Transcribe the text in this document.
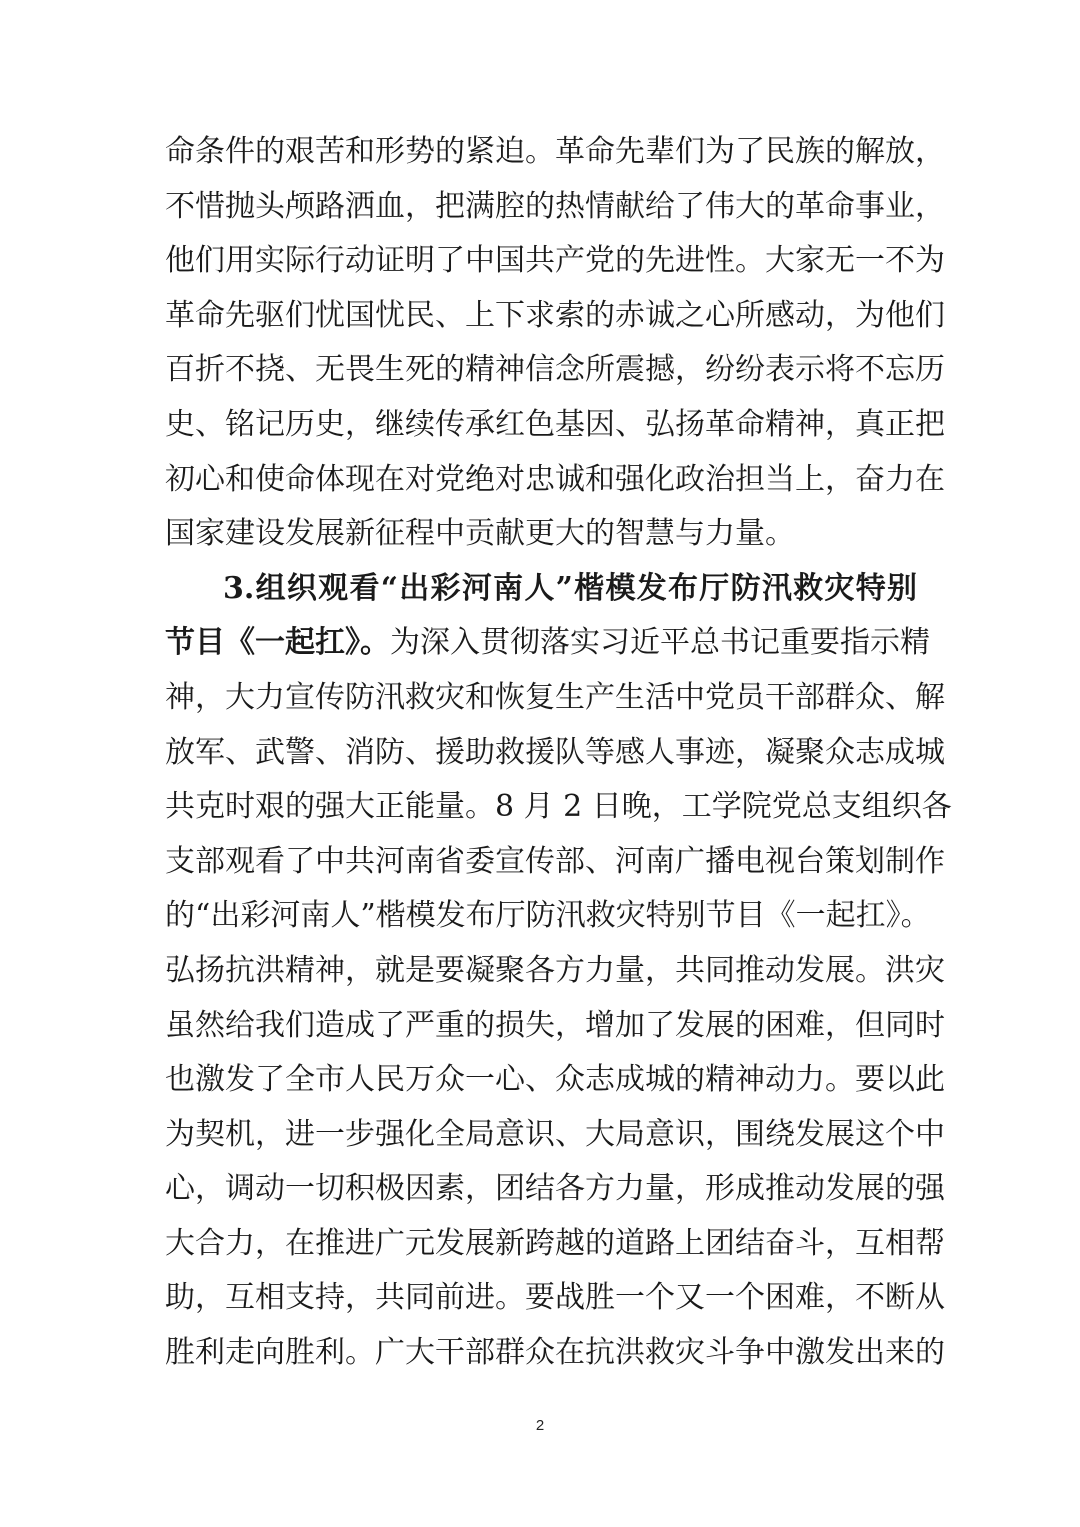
命条件的艰苦和形势的紧迫。革命先辈们为了民族的解放，
不惜抛头颅路洒血，把满腔的热情献给了伟大的革命事业，
他们用实际行动证明了中国共产党的先进性。大家无一不为
革命先驱们忧国忧民、上下求索的赤诚之心所感动，为他们
百折不挠、无畏生死的精神信念所震撼，纷纷表示将不忘历
史、铭记历史，继续传承红色基因、弘扬革命精神，真正把
初心和使命体现在对党绝对忠诚和强化政治担当上，奋力在
国家建设发展新征程中贡献更大的智慧与力量。
3.组织观看“出彩河南人”楷模发布厅防汛救灾特别
节目《一起扛》。为深入贯彻落实习近平总书记重要指示精
神，大力宣传防汛救灾和恢复生产生活中党员干部群众、解
放军、武警、消防、援助救援队等感人事迹，凝聚众志成城
共克时艰的强大正能量。8 月 2 日晚，工学院党总支组织各
支部观看了中共河南省委宣传部、河南广播电视台策划制作
的“出彩河南人”楷模发布厅防汛救灾特别节目《一起扛》。
弘扬抗洪精神，就是要凝聚各方力量，共同推动发展。洪灾
虽然给我们造成了严重的损失，增加了发展的困难，但同时
也激发了全市人民万众一心、众志成城的精神动力。要以此
为契机，进一步强化全局意识、大局意识，围绕发展这个中
心，调动一切积极因素，团结各方力量，形成推动发展的强
大合力，在推进广元发展新跨越的道路上团结奋斗，互相帮
助，互相支持，共同前进。要战胜一个又一个困难，不断从
胜利走向胜利。广大干部群众在抗洪救灾斗争中激发出来的
2
